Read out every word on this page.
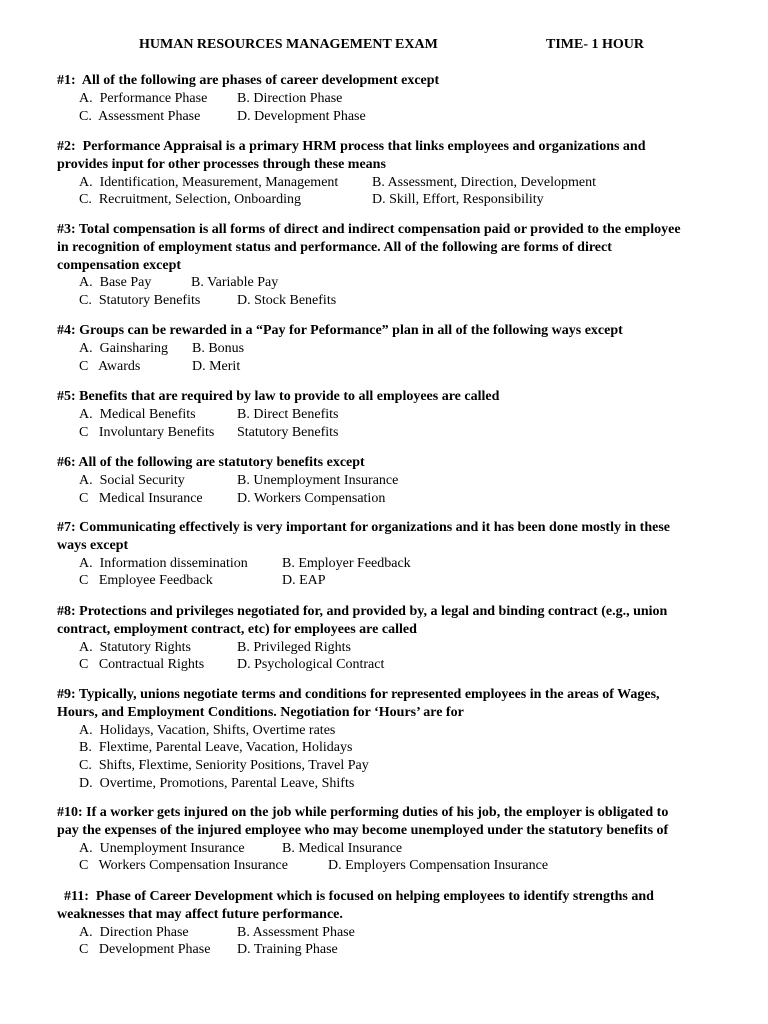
HUMAN RESOURCES MANAGEMENT EXAM	TIME- 1 HOUR
#1:  All of the following are phases of career development except
A.  Performance Phase B. Direction Phase
C.  Assessment Phase	D. Development Phase
#2:  Performance Appraisal is a primary HRM process that links employees and organizations and
provides input for other processes through these means
A.  Identification, Measurement, Management B. Assessment, Direction, Development
C.  Recruitment, Selection, Onboarding	D. Skill, Effort, Responsibility
#3: Total compensation is all forms of direct and indirect compensation paid or provided to the employee
in recognition of employment status and performance. All of the following are forms of direct
compensation except
A.  Base Pay	B. Variable Pay
C.  Statutory Benefits	D. Stock Benefits
#4: Groups can be rewarded in a “Pay for Peformance” plan in all of the following ways except
A.  Gainsharing B. Bonus
C   Awards	D. Merit
#5: Benefits that are required by law to provide to all employees are called
A.  Medical Benefits	B. Direct Benefits
C   Involuntary Benefits Statutory Benefits
#6: All of the following are statutory benefits except
A.  Social Security	B. Unemployment Insurance
C   Medical Insurance D. Workers Compensation
#7: Communicating effectively is very important for organizations and it has been done mostly in these
ways except
A.  Information dissemination B. Employer Feedback
C   Employee Feedback	D. EAP
#8: Protections and privileges negotiated for, and provided by, a legal and binding contract (e.g., union
contract, employment contract, etc) for employees are called
A.  Statutory Rights	B. Privileged Rights
C   Contractual Rights D. Psychological Contract
#9: Typically, unions negotiate terms and conditions for represented employees in the areas of Wages,
Hours, and Employment Conditions. Negotiation for ‘Hours’ are for
A.  Holidays, Vacation, Shifts, Overtime rates
B.  Flextime, Parental Leave, Vacation, Holidays
C.  Shifts, Flextime, Seniority Positions, Travel Pay
D.  Overtime, Promotions, Parental Leave, Shifts
#10: If a worker gets injured on the job while performing duties of his job, the employer is obligated to
pay the expenses of the injured employee who may become unemployed under the statutory benefits of
A.  Unemployment Insurance	B. Medical Insurance
C   Workers Compensation Insurance	D. Employers Compensation Insurance
#11:  Phase of Career Development which is focused on helping employees to identify strengths and
weaknesses that may affect future performance.
A.  Direction Phase	B. Assessment Phase
C   Development Phase D. Training Phase
